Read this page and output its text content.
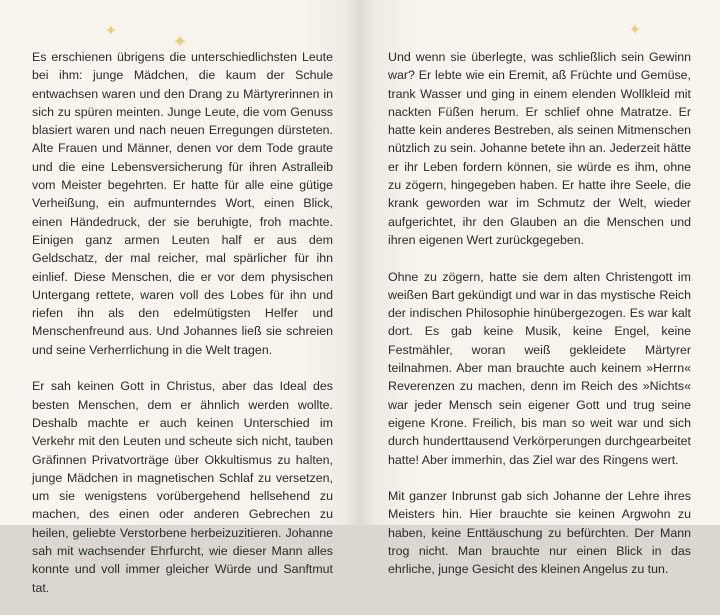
Es erschienen übrigens die unterschiedlichsten Leute bei ihm: junge Mädchen, die kaum der Schule entwachsen waren und den Drang zu Märtyrerinnen in sich zu spüren meinten. Junge Leute, die vom Genuss blasiert waren und nach neuen Erregungen dürsteten. Alte Frauen und Männer, denen vor dem Tode graute und die eine Lebensversicherung für ihren Astralleib vom Meister begehrten. Er hatte für alle eine gütige Verheißung, ein aufmunterndes Wort, einen Blick, einen Händedruck, der sie beruhigte, froh machte. Einigen ganz armen Leuten half er aus dem Geldschatz, der mal reicher, mal spärlicher für ihn einlief. Diese Menschen, die er vor dem physischen Untergang rettete, waren voll des Lobes für ihn und riefen ihn als den edelmütigsten Helfer und Menschenfreund aus. Und Johannes ließ sie schreien und seine Verherrlichung in die Welt tragen.

Er sah keinen Gott in Christus, aber das Ideal des besten Menschen, dem er ähnlich werden wollte. Deshalb machte er auch keinen Unterschied im Verkehr mit den Leuten und scheute sich nicht, tauben Gräfinnen Privatvorträge über Okkultismus zu halten, junge Mädchen in magnetischen Schlaf zu versetzen, um sie wenigstens vorübergehend hellsehend zu machen, des einen oder anderen Gebrechen zu heilen, geliebte Verstorbene herbeizuzitieren. Johanne sah mit wachsender Ehrfurcht, wie dieser Mann alles konnte und voll immer gleicher Würde und Sanftmut tat.

Und wenn sie überlegte, was schließlich sein Gewinn war? Er lebte wie ein Eremit, aß Früchte und Gemüse, trank Wasser und ging in einem elenden Wollkleid mit nackten Füßen herum. Er schlief ohne Matratze. Er hatte kein anderes Bestreben, als seinen Mitmenschen nützlich zu sein. Johanne betete ihn an. Jederzeit hätte er ihr Leben fordern können, sie würde es ihm, ohne zu zögern, hingegeben haben. Er hatte ihre Seele, die krank geworden war im Schmutz der Welt, wieder aufgerichtet, ihr den Glauben an die Menschen und ihren eigenen Wert zurückgegeben.

Ohne zu zögern, hatte sie dem alten Christengott im weißen Bart gekündigt und war in das mystische Reich der indischen Philosophie hinübergezogen. Es war kalt dort. Es gab keine Musik, keine Engel, keine Festmähler, woran weiß gekleidete Märtyrer teilnahmen. Aber man brauchte auch keinem »Herrn« Reverenzen zu machen, denn im Reich des »Nichts« war jeder Mensch sein eigener Gott und trug seine eigene Krone. Freilich, bis man so weit war und sich durch hunderttausend Verkörperungen durchgearbeitet hatte! Aber immerhin, das Ziel war des Ringens wert.

Mit ganzer Inbrunst gab sich Johanne der Lehre ihres Meisters hin. Hier brauchte sie keinen Argwohn zu haben, keine Enttäuschung zu befürchten. Der Mann trog nicht. Man brauchte nur einen Blick in das ehrliche, junge Gesicht des kleinen Angelus zu tun.
